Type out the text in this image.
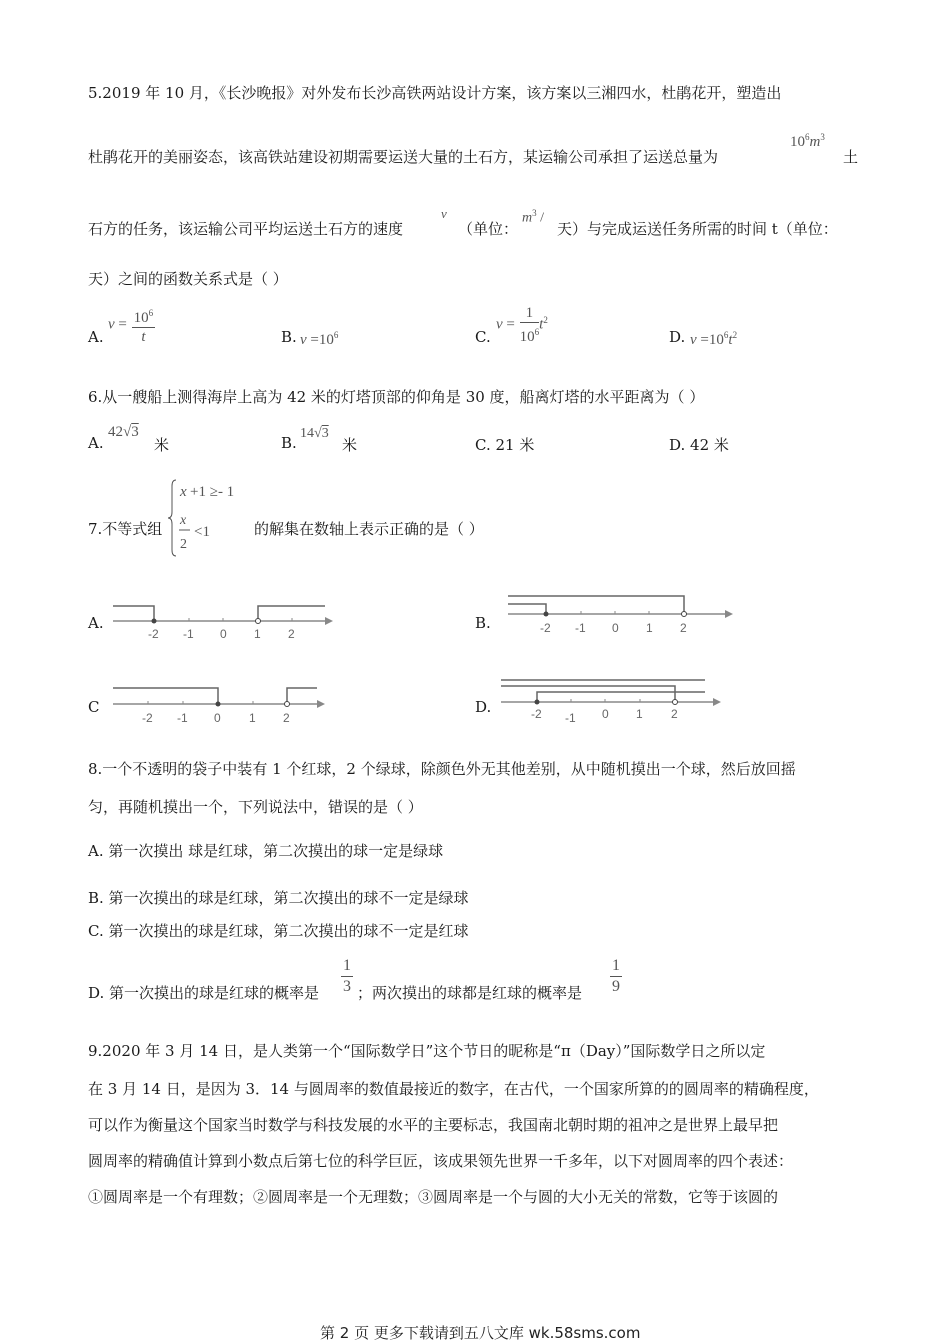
5.2019 年 10 月，《长沙晚报》对外发布长沙高铁两站设计方案，该方案以三湘四水，杜鹃花开，塑造出
杜鹃花开的美丽姿态，该高铁站建设初期需要运送大量的土石方，某运输公司承担了运送总量为
$10^6m^3$
土
石方的任务，该运输公司平均运送土石方的速度
v
（单位：
$m^3$ /
天）与完成运送任务所需的时间 t（单位：
天）之间的函数关系式是（ ）
A.
$v = \frac{10^6}{t}$	B. $v =10^6$	C.
$v = \frac{1}{10^6} t^2$
D. $v =10^6t^2$
6.从一艘船上测得海岸上高为 42 米的灯塔顶部的仰角是 30 度，船离灯塔的水平距离为（ ）
A.
42√3
米	B.
14√3
米	C. 21 米	D. 42 米
7.不等式组
x +1 ≥- 1
x
2
<1	的解集在数轴上表示正确的是（ ）
A.
-2 -1 0 1 2
B.	-2 -1 0 1 2
C
-2 -1 0 1 2
D.	-2 -1 0 1 2
8.一个不透明的袋子中装有 1 个红球，2 个绿球，除颜色外无其他差别，从中随机摸出一个球，然后放回摇
匀，再随机摸出一个，下列说法中，错误的是（ ）
A. 第一次摸出 球是红球，第二次摸出的球一定是绿球
B. 第一次摸出的球是红球，第二次摸出的球不一定是绿球
C. 第一次摸出的球是红球，第二次摸出的球不一定是红球
D. 第一次摸出的球是红球的概率是 $\frac{1}{3}$ ；两次摸出的球都是红球的概率是 $\frac{1}{9}$
9.2020 年 3 月 14 日，是人类第一个“国际数学日”这个节日的昵称是“π（Day）”国际数学日之所以定
在 3 月 14 日，是因为 3．14 与圆周率的数值最接近的数字，在古代，一个国家所算的的圆周率的精确程度，
可以作为衡量这个国家当时数学与科技发展的水平的主要标志，我国南北朝时期的祖冲之是世界上最早把
圆周率的精确值计算到小数点后第七位的科学巨匠，该成果领先世界一千多年，以下对圆周率的四个表述：
①圆周率是一个有理数；②圆周率是一个无理数；③圆周率是一个与圆的大小无关的常数，它等于该圆的
第 2 页 更多下载请到五八文库 wk.58sms.com
